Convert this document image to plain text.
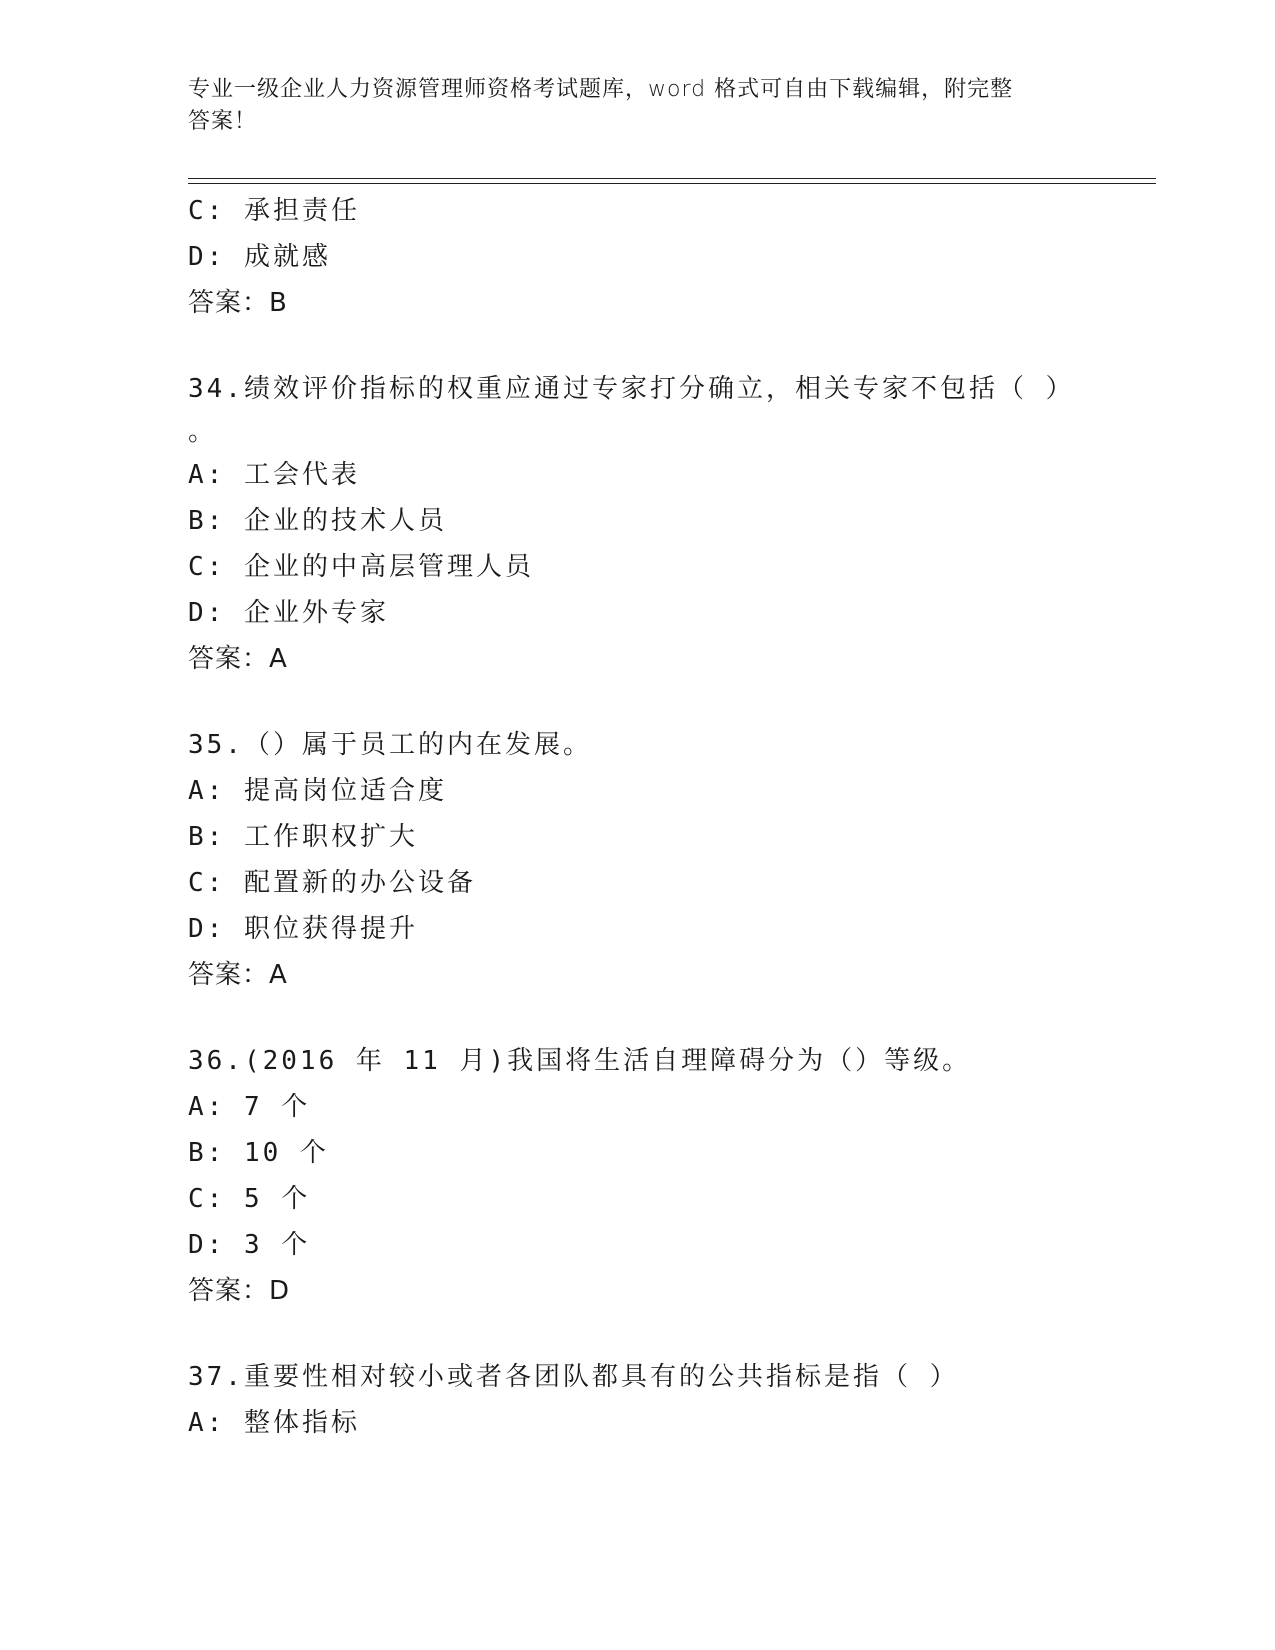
专业一级企业人力资源管理师资格考试题库，word 格式可自由下载编辑，附完整
答案！
C: 承担责任
D: 成就感
答案：B
34.绩效评价指标的权重应通过专家打分确立，相关专家不包括（ ）
。
A: 工会代表
B: 企业的技术人员
C: 企业的中高层管理人员
D: 企业外专家
答案：A
35.（）属于员工的内在发展。
A: 提高岗位适合度
B: 工作职权扩大
C: 配置新的办公设备
D: 职位获得提升
答案：A
36.(2016 年 11 月)我国将生活自理障碍分为（）等级。
A: 7 个
B: 10 个
C: 5 个
D: 3 个
答案：D
37.重要性相对较小或者各团队都具有的公共指标是指（ ）
A: 整体指标
